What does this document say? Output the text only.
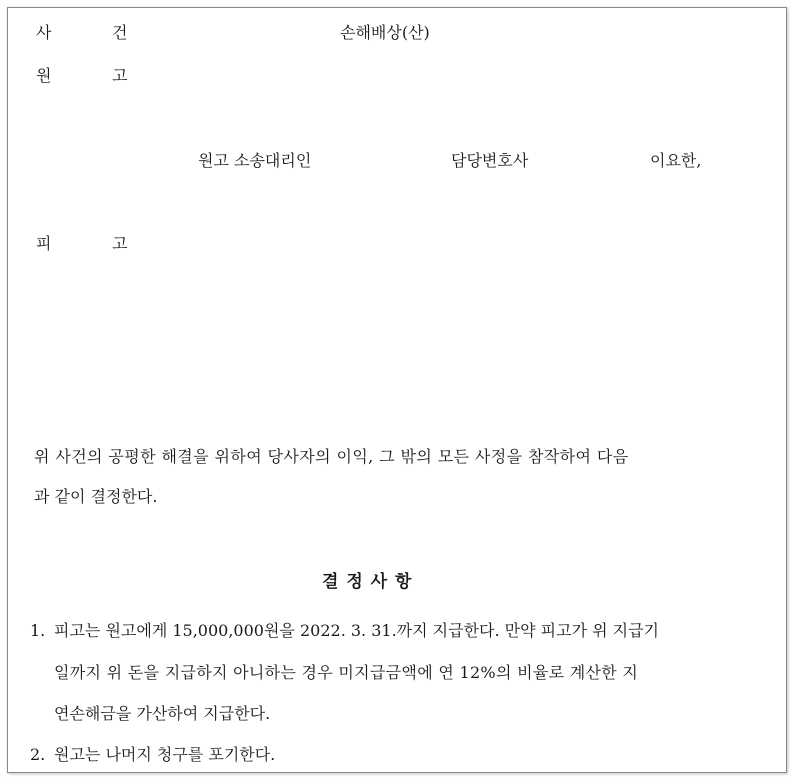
사	건	손해배상(산)
원	고
원고 소송대리인	담당변호사	이요한,
피	고
위 사건의 공평한 해결을 위하여 당사자의 이익, 그 밖의 모든 사정을 참작하여 다음
과 같이 결정한다.
결 정 사 항
1. 피고는 원고에게 15,000,000원을 2022. 3. 31.까지 지급한다. 만약 피고가 위 지급기
일까지 위 돈을 지급하지 아니하는 경우 미지급금액에 연 12%의 비율로 계산한 지
연손해금을 가산하여 지급한다.
2. 원고는 나머지 청구를 포기한다.
